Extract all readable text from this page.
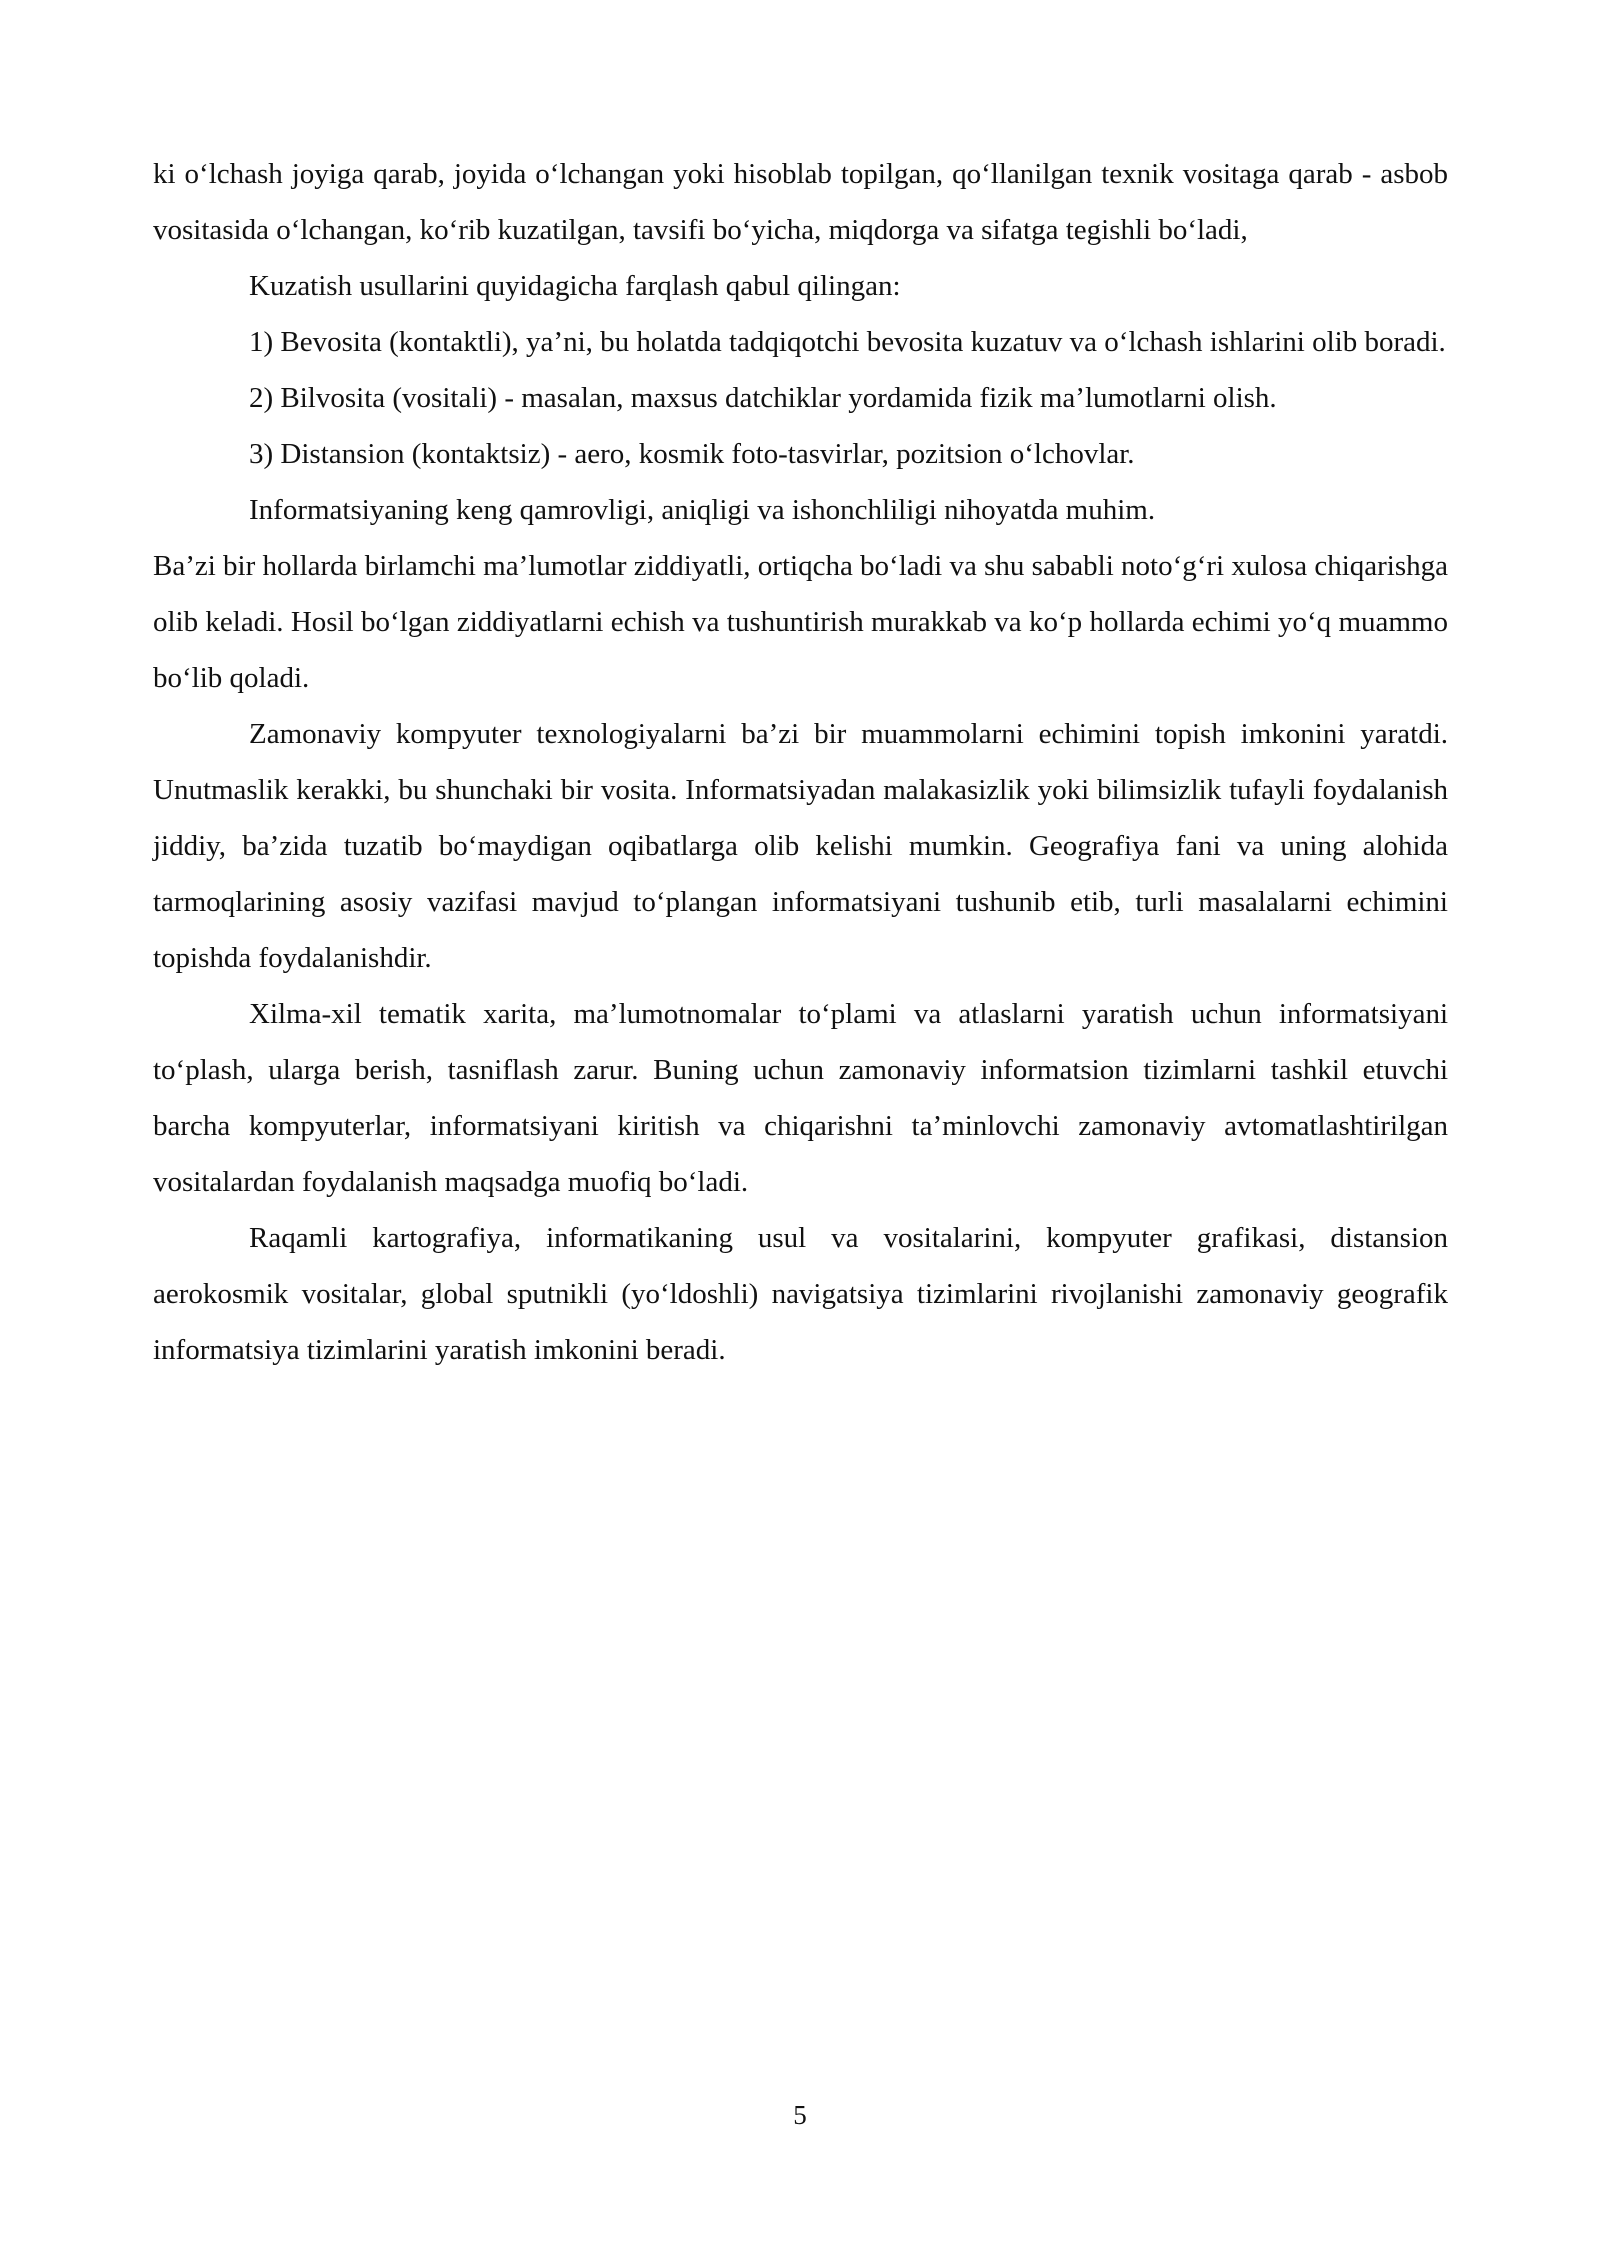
ki o‘lchash joyiga qarab, joyida o‘lchangan yoki hisoblab topilgan, qo‘llanilgan texnik vositaga qarab - asbob vositasida o‘lchangan, ko‘rib kuzatilgan, tavsifi bo‘yicha, miqdorga va sifatga tegishli bo‘ladi,

Kuzatish usullarini quyidagicha farqlash qabul qilingan:

1) Bevosita (kontaktli), ya’ni, bu holatda tadqiqotchi bevosita kuzatuv va o‘lchash ishlarini olib boradi.

2) Bilvosita (vositali) - masalan, maxsus datchiklar yordamida fizik ma’lumotlarni olish.

3) Distansion (kontaktsiz) - aero, kosmik foto-tasvirlar, pozitsion o‘lchovlar.

Informatsiyaning keng qamrovligi, aniqligi va ishonchliligi nihoyatda muhim.

Ba’zi bir hollarda birlamchi ma’lumotlar ziddiyatli, ortiqcha bo‘ladi va shu sababli noto‘g‘ri xulosa chiqarishga olib keladi. Hosil bo‘lgan ziddiyatlarni echish va tushuntirish murakkab va ko‘p hollarda echimi yo‘q muammo bo‘lib qoladi.

Zamonaviy kompyuter texnologiyalarni ba’zi bir muammolarni echimini topish imkonini yaratdi. Unutmaslik kerakki, bu shunchaki bir vosita. Informatsiyadan malakasizlik yoki bilimsizlik tufayli foydalanish jiddiy, ba’zida tuzatib bo‘maydigan oqibatlarga olib kelishi mumkin. Geografiya fani va uning alohida tarmoqlarining asosiy vazifasi mavjud to‘plangan informatsiyani tushunib etib, turli masalalarni echimini topishda foydalanishdir.

Xilma-xil tematik xarita, ma’lumotnomalar to‘plami va atlaslarni yaratish uchun informatsiyani to‘plash, ularga berish, tasniflash zarur. Buning uchun zamonaviy informatsion tizimlarni tashkil etuvchi barcha kompyuterlar, informatsiyani kiritish va chiqarishni ta’minlovchi zamonaviy avtomatlashtirilgan vositalardan foydalanish maqsadga muofiq bo‘ladi.

Raqamli kartografiya, informatikaning usul va vositalarini, kompyuter grafikasi, distansion aerokosmik vositalar, global sputnikli (yo‘ldoshli) navigatsiya tizimlarini rivojlanishi zamonaviy geografik informatsiya tizimlarini yaratish imkonini beradi.

5
